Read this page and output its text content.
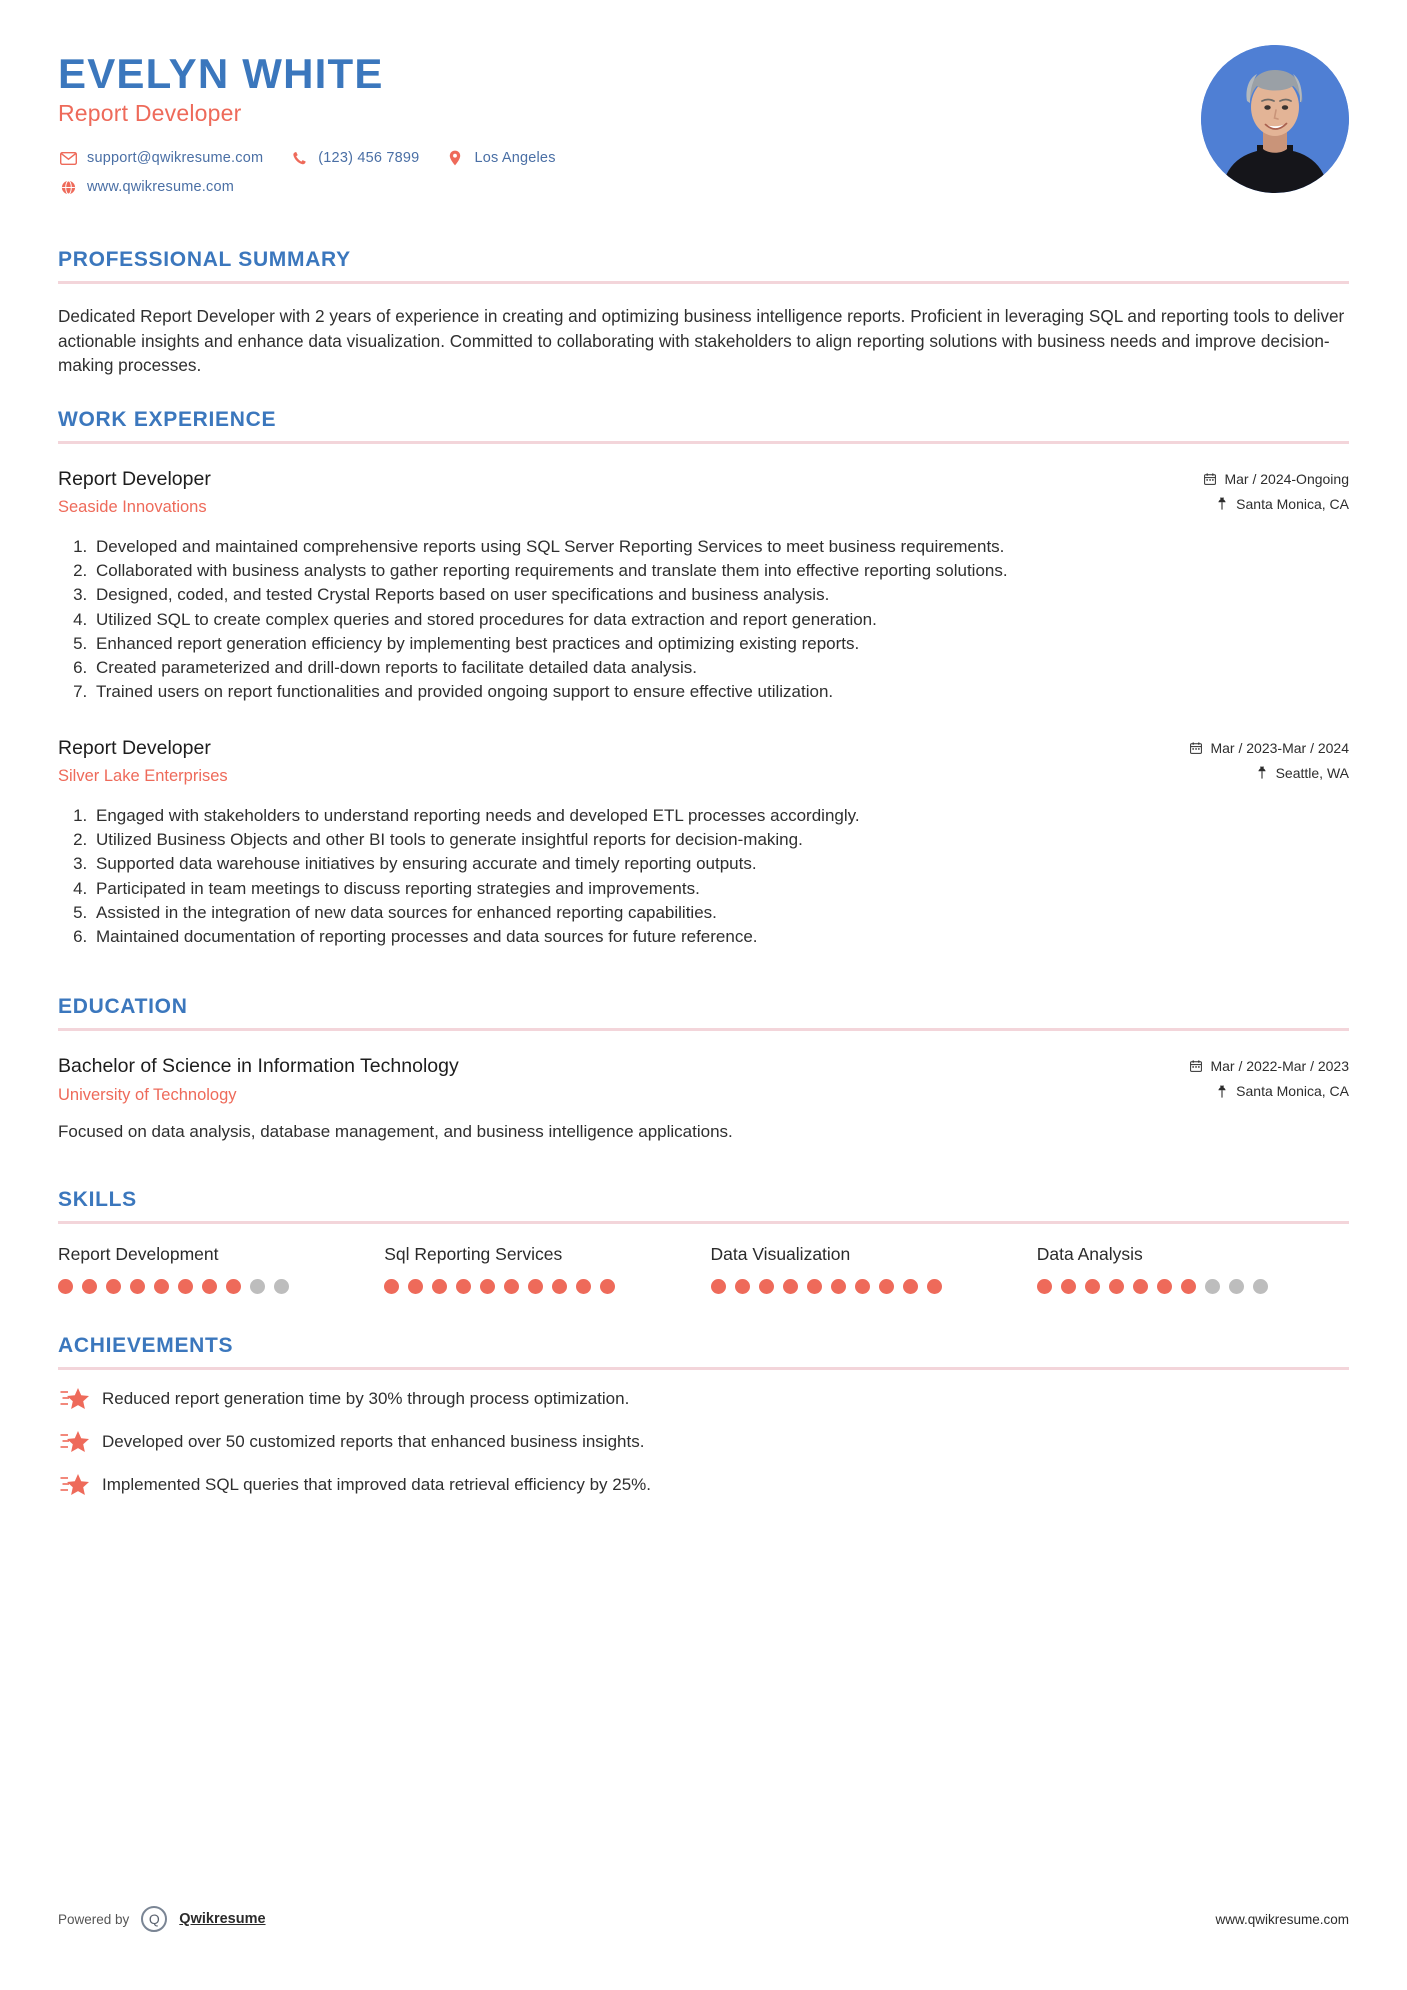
EVELYN WHITE
Report Developer
support@qwikresume.com	(123) 456 7899	Los Angeles
www.qwikresume.com
PROFESSIONAL SUMMARY

Dedicated Report Developer with 2 years of experience in creating and optimizing business intelligence reports. Proficient in leveraging SQL and reporting tools to deliver actionable insights and enhance data visualization. Committed to collaborating with stakeholders to align reporting solutions with business needs and improve decision-making processes.

WORK EXPERIENCE
Report Developer
Seaside Innovations
Mar / 2024-Ongoing
Santa Monica, CA
1. Developed and maintained comprehensive reports using SQL Server Reporting Services to meet business requirements.
2. Collaborated with business analysts to gather reporting requirements and translate them into effective reporting solutions.
3. Designed, coded, and tested Crystal Reports based on user specifications and business analysis.
4. Utilized SQL to create complex queries and stored procedures for data extraction and report generation.
5. Enhanced report generation efficiency by implementing best practices and optimizing existing reports.
6. Created parameterized and drill-down reports to facilitate detailed data analysis.
7. Trained users on report functionalities and provided ongoing support to ensure effective utilization.
Report Developer
Silver Lake Enterprises
Mar / 2023-Mar / 2024
Seattle, WA
1. Engaged with stakeholders to understand reporting needs and developed ETL processes accordingly.
2. Utilized Business Objects and other BI tools to generate insightful reports for decision-making.
3. Supported data warehouse initiatives by ensuring accurate and timely reporting outputs.
4. Participated in team meetings to discuss reporting strategies and improvements.
5. Assisted in the integration of new data sources for enhanced reporting capabilities.
6. Maintained documentation of reporting processes and data sources for future reference.
EDUCATION
Bachelor of Science in Information Technology
University of Technology
Mar / 2022-Mar / 2023
Santa Monica, CA
Focused on data analysis, database management, and business intelligence applications.
SKILLS
Report Development	Sql Reporting Services	Data Visualization	Data Analysis
ACHIEVEMENTS
Reduced report generation time by 30% through process optimization.
Developed over 50 customized reports that enhanced business insights.
Implemented SQL queries that improved data retrieval efficiency by 25%.
Powered by	Q	Qwikresume	www.qwikresume.com
